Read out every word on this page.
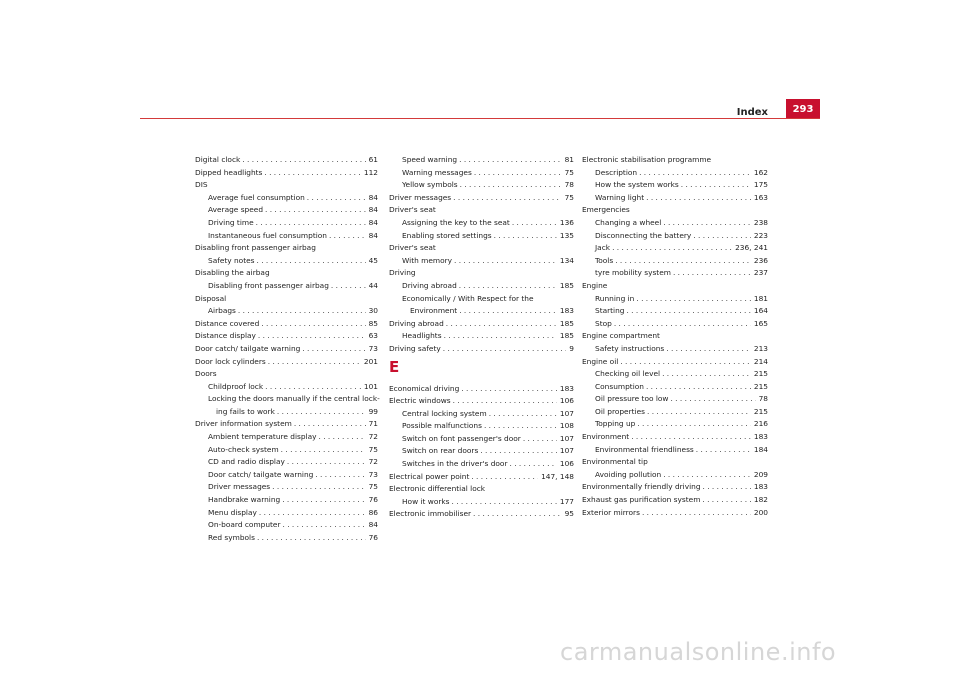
Index	293
Digital clock . . .	61
Dipped headlights . . .	112
DIS
Average fuel consumption . . .	84
Average speed . . .	84
Driving time . . .	84
Instantaneous fuel consumption . . .	84
Disabling front passenger airbag
Safety notes . . .	45
Disabling the airbag
Disabling front passenger airbag . . .	44
Disposal
Airbags . . .	30
Distance covered . . .	85
Distance display . . .	63
Door catch/ tailgate warning . . .	73
Door lock cylinders . . .	201
Doors
Childproof lock . . .	101
Locking the doors manually if the central lock-
ing fails to work . . .	99
Driver information system . . .	71
Ambient temperature display . . .	72
Auto-check system . . .	75
CD and radio display . . .	72
Door catch/ tailgate warning . . .	73
Driver messages . . .	75
Handbrake warning . . .	76
Menu display . . .	86
On-board computer . . .	84
Red symbols . . .	76
Speed warning . . .	81
Warning messages . . .	75
Yellow symbols . . .	78
Driver messages . . .	75
Driver's seat
Assigning the key to the seat . . .	136
Enabling stored settings . . .	135
Driver's seat
With memory . . .	134
Driving
Driving abroad . . .	185
Economically / With Respect for the
Environment . . .	183
Driving abroad . . .	185
Headlights . . .	185
Driving safety . . .	9
E
Economical driving . . .	183
Electric windows . . .	106
Central locking system . . .	107
Possible malfunctions . . .	108
Switch on font passenger's door . . .	107
Switch on rear doors . . .	107
Switches in the driver's door . . .	106
Electrical power point . . .	147, 148
Electronic differential lock
How it works . . .	177
Electronic immobiliser . . .	95
Electronic stabilisation programme
Description . . .	162
How the system works . . .	175
Warning light . . .	163
Emergencies
Changing a wheel . . .	238
Disconnecting the battery . . .	223
Jack . . .	236, 241
Tools . . .	236
tyre mobility system . . .	237
Engine
Running in . . .	181
Starting . . .	164
Stop . . .	165
Engine compartment
Safety instructions . . .	213
Engine oil . . .	214
Checking oil level . . .	215
Consumption . . .	215
Oil pressure too low . . .	78
Oil properties . . .	215
Topping up . . .	216
Environment . . .	183
Environmental friendliness . . .	184
Environmental tip
Avoiding pollution . . .	209
Environmentally friendly driving . . .	183
Exhaust gas purification system . . .	182
Exterior mirrors . . .	200
carmanualsonline.info
